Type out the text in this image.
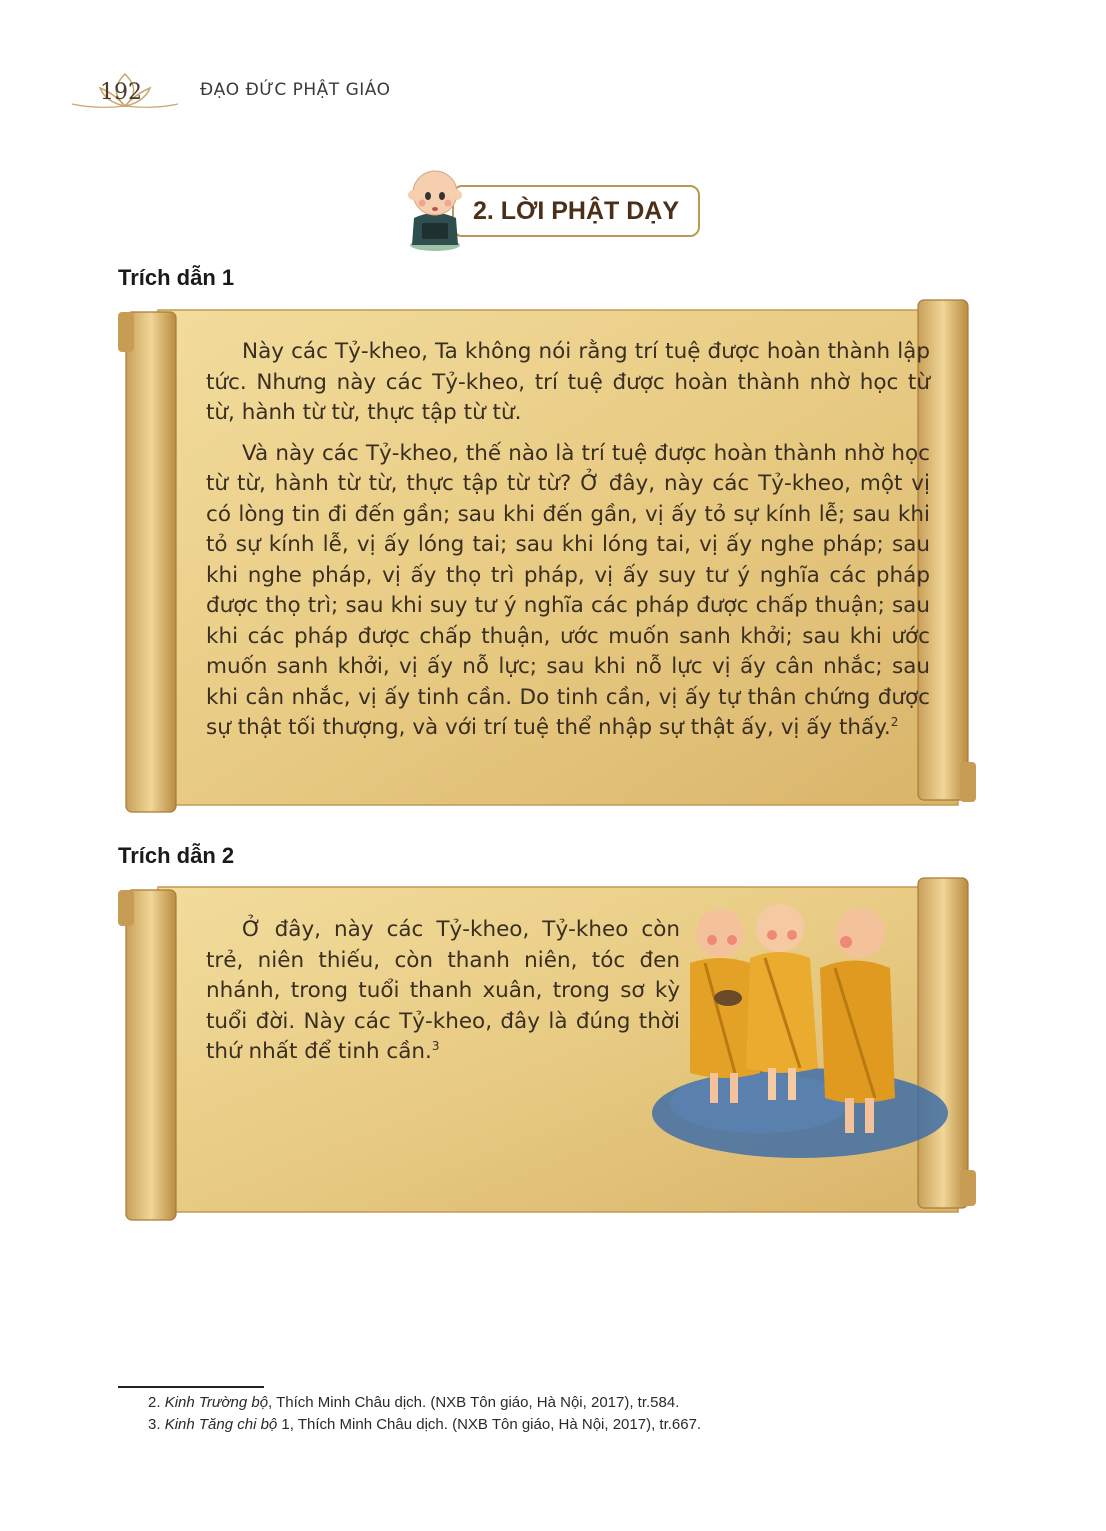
192	ĐẠO ĐỨC PHẬT GIÁO
2. LỜI PHẬT DẠY
Trích dẫn 1

Này các Tỷ-kheo, Ta không nói rằng trí tuệ được hoàn thành lập tức. Nhưng này các Tỷ-kheo, trí tuệ được hoàn thành nhờ học từ từ, hành từ từ, thực tập từ từ.

Và này các Tỷ-kheo, thế nào là trí tuệ được hoàn thành nhờ học từ từ, hành từ từ, thực tập từ từ? Ở đây, này các Tỷ-kheo, một vị có lòng tin đi đến gần; sau khi đến gần, vị ấy tỏ sự kính lễ; sau khi tỏ sự kính lễ, vị ấy lóng tai; sau khi lóng tai, vị ấy nghe pháp; sau khi nghe pháp, vị ấy thọ trì pháp, vị ấy suy tư ý nghĩa các pháp được thọ trì; sau khi suy tư ý nghĩa các pháp được chấp thuận; sau khi các pháp được chấp thuận, ước muốn sanh khởi; sau khi ước muốn sanh khởi, vị ấy nỗ lực; sau khi nỗ lực vị ấy cân nhắc; sau khi cân nhắc, vị ấy tinh cần. Do tinh cần, vị ấy tự thân chứng được sự thật tối thượng, và với trí tuệ thể nhập sự thật ấy, vị ấy thấy.$^2$

Trích dẫn 2

Ở đây, này các Tỷ-kheo, Tỷ-kheo còn trẻ, niên thiếu, còn thanh niên, tóc đen nhánh, trong tuổi thanh xuân, trong sơ kỳ tuổi đời. Này các Tỷ-kheo, đây là đúng thời thứ nhất để tinh cần.$^3$

2. Kinh Trường bộ, Thích Minh Châu dịch. (NXB Tôn giáo, Hà Nội, 2017), tr.584.
3. Kinh Tăng chi bộ 1, Thích Minh Châu dịch. (NXB Tôn giáo, Hà Nội, 2017), tr.667.
